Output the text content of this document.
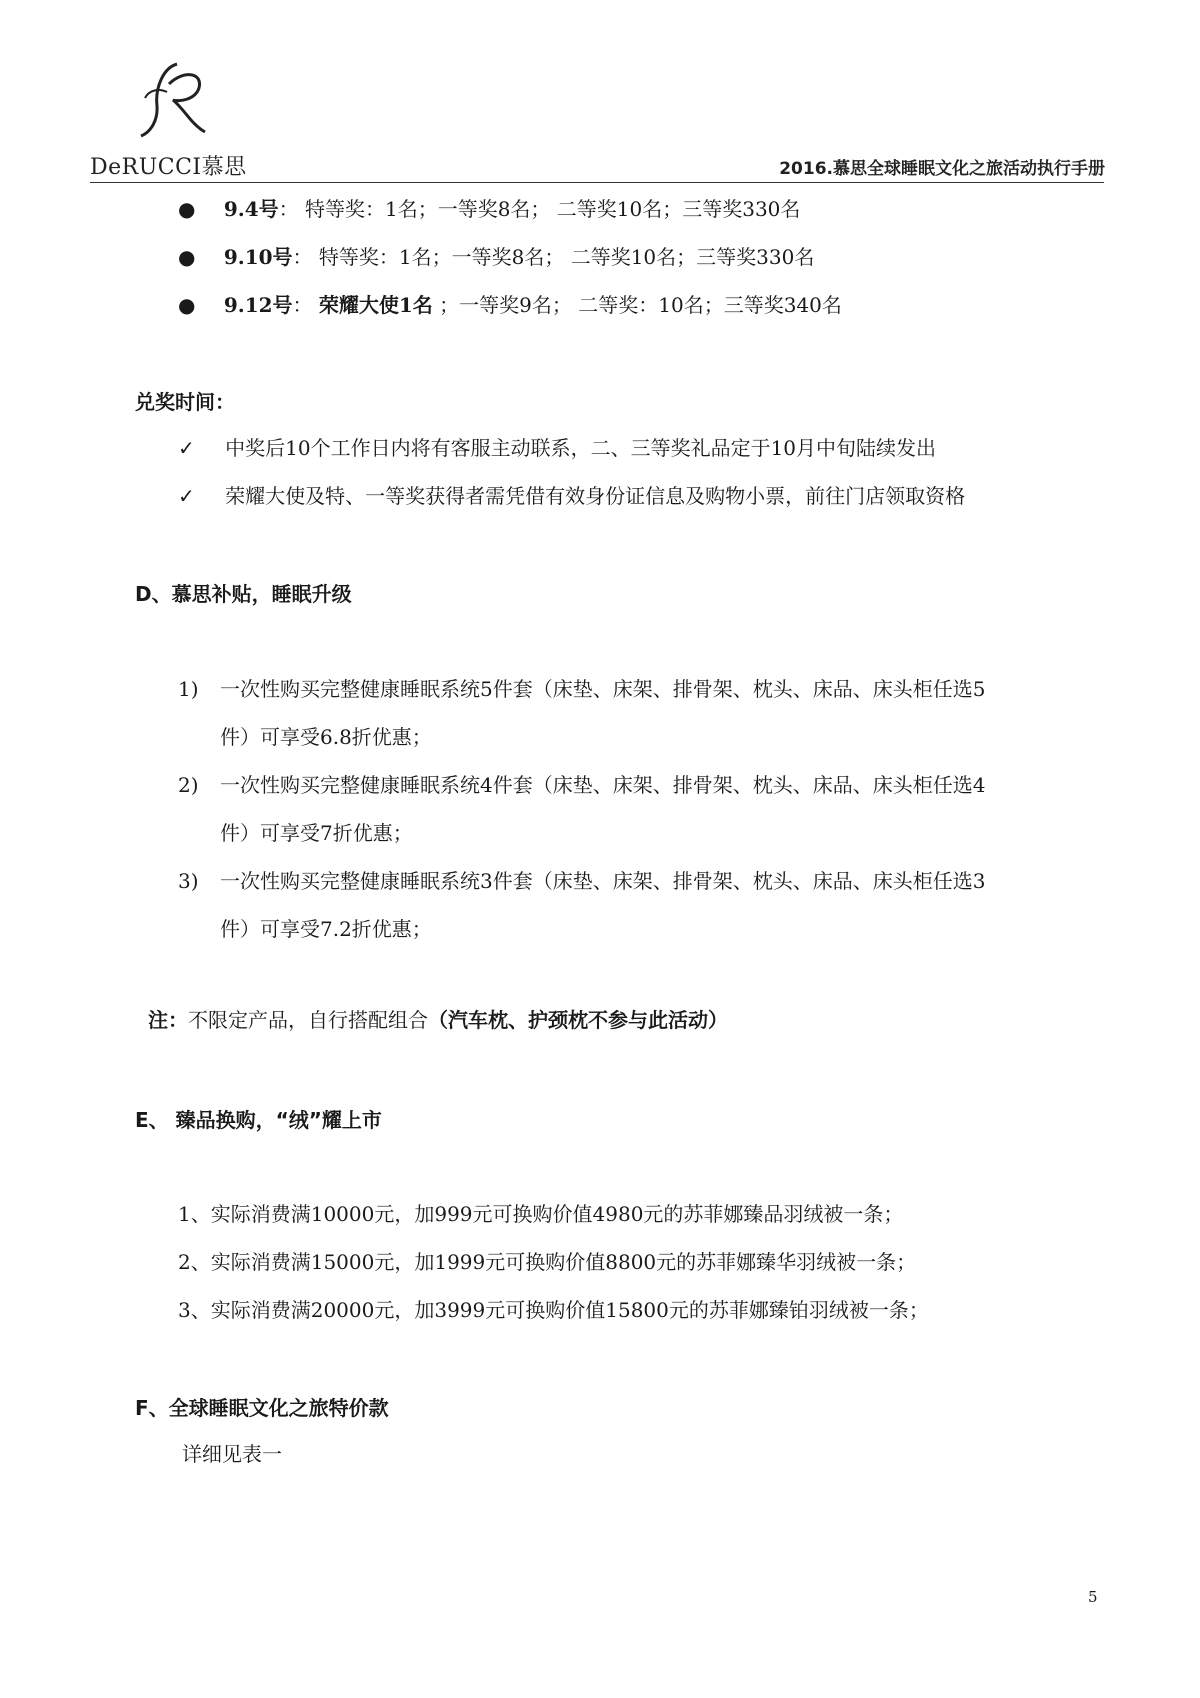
R
DeRUCCI慕思	2016.慕思全球睡眠文化之旅活动执行手册
● 9.4号： 特等奖：1名；一等奖8名； 二等奖10名；三等奖330名
● 9.10号： 特等奖：1名；一等奖8名； 二等奖10名；三等奖330名
● 9.12号： 荣耀大使1名 ；一等奖9名； 二等奖：10名；三等奖340名
兑奖时间：
✓ 中奖后10个工作日内将有客服主动联系，二、三等奖礼品定于10月中旬陆续发出
✓ 荣耀大使及特、一等奖获得者需凭借有效身份证信息及购物小票，前往门店领取资格
D、慕思补贴，睡眠升级
1) 一次性购买完整健康睡眠系统5件套（床垫、床架、排骨架、枕头、床品、床头柜任选5
件）可享受6.8折优惠；
2) 一次性购买完整健康睡眠系统4件套（床垫、床架、排骨架、枕头、床品、床头柜任选4
件）可享受7折优惠；
3) 一次性购买完整健康睡眠系统3件套（床垫、床架、排骨架、枕头、床品、床头柜任选3
件）可享受7.2折优惠；
注：不限定产品，自行搭配组合（汽车枕、护颈枕不参与此活动）
E、 臻品换购，“绒”耀上市
1、实际消费满10000元，加999元可换购价值4980元的苏菲娜臻品羽绒被一条；
2、实际消费满15000元，加1999元可换购价值8800元的苏菲娜臻华羽绒被一条；
3、实际消费满20000元，加3999元可换购价值15800元的苏菲娜臻铂羽绒被一条；
F、全球睡眠文化之旅特价款
详细见表一
5
